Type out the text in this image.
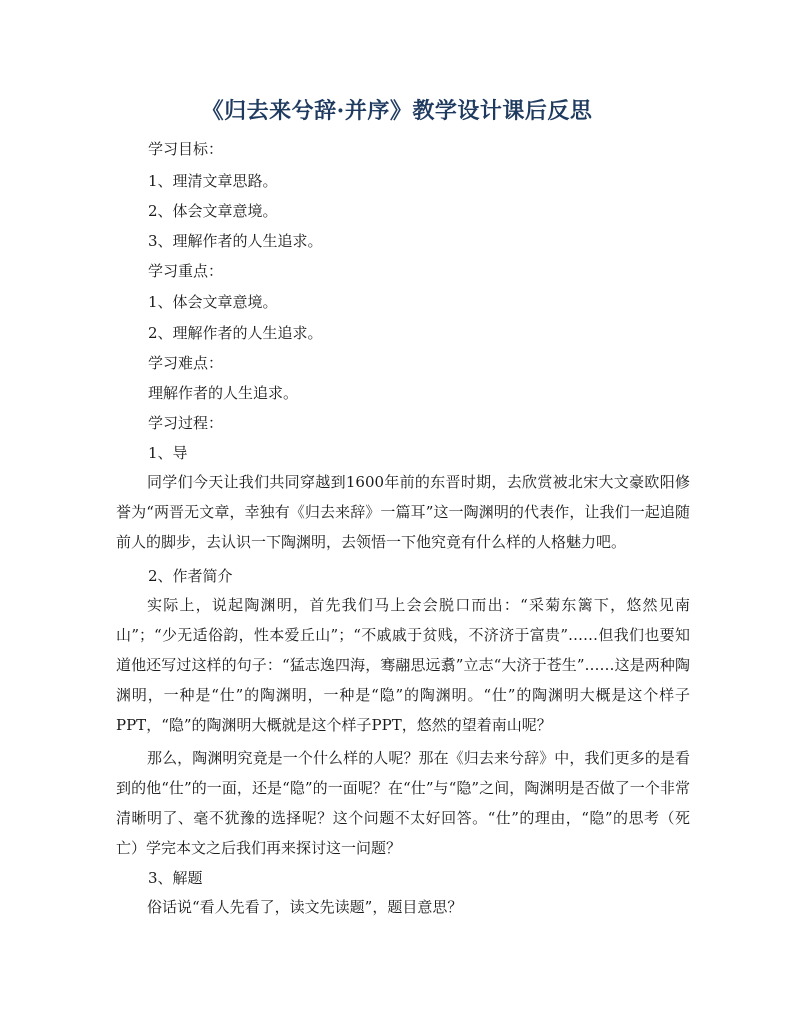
《归去来兮辞·并序》教学设计课后反思
学习目标：
1、理清文章思路。
2、体会文章意境。
3、理解作者的人生追求。
学习重点：
1、体会文章意境。
2、理解作者的人生追求。
学习难点：
理解作者的人生追求。
学习过程：
1、导
同学们今天让我们共同穿越到1600年前的东晋时期，去欣赏被北宋大文豪欧阳修誉为“两晋无文章，幸独有《归去来辞》一篇耳”这一陶渊明的代表作，让我们一起追随前人的脚步，去认识一下陶渊明，去领悟一下他究竟有什么样的人格魅力吧。
2、作者简介
实际上，说起陶渊明，首先我们马上会会脱口而出：“采菊东篱下，悠然见南山”；“少无适俗韵，性本爱丘山”；“不戚戚于贫贱，不济济于富贵”……但我们也要知道他还写过这样的句子：“猛志逸四海，骞翮思远翥”立志“大济于苍生”……这是两种陶渊明，一种是“仕”的陶渊明，一种是“隐”的陶渊明。“仕”的陶渊明大概是这个样子PPT，“隐”的陶渊明大概就是这个样子PPT，悠然的望着南山呢？
那么，陶渊明究竟是一个什么样的人呢？那在《归去来兮辞》中，我们更多的是看到的他“仕”的一面，还是“隐”的一面呢？在“仕”与“隐”之间，陶渊明是否做了一个非常清晰明了、毫不犹豫的选择呢？这个问题不太好回答。“仕”的理由，“隐”的思考（死亡）学完本文之后我们再来探讨这一问题？
3、解题
俗话说“看人先看了，读文先读题”，题目意思？
